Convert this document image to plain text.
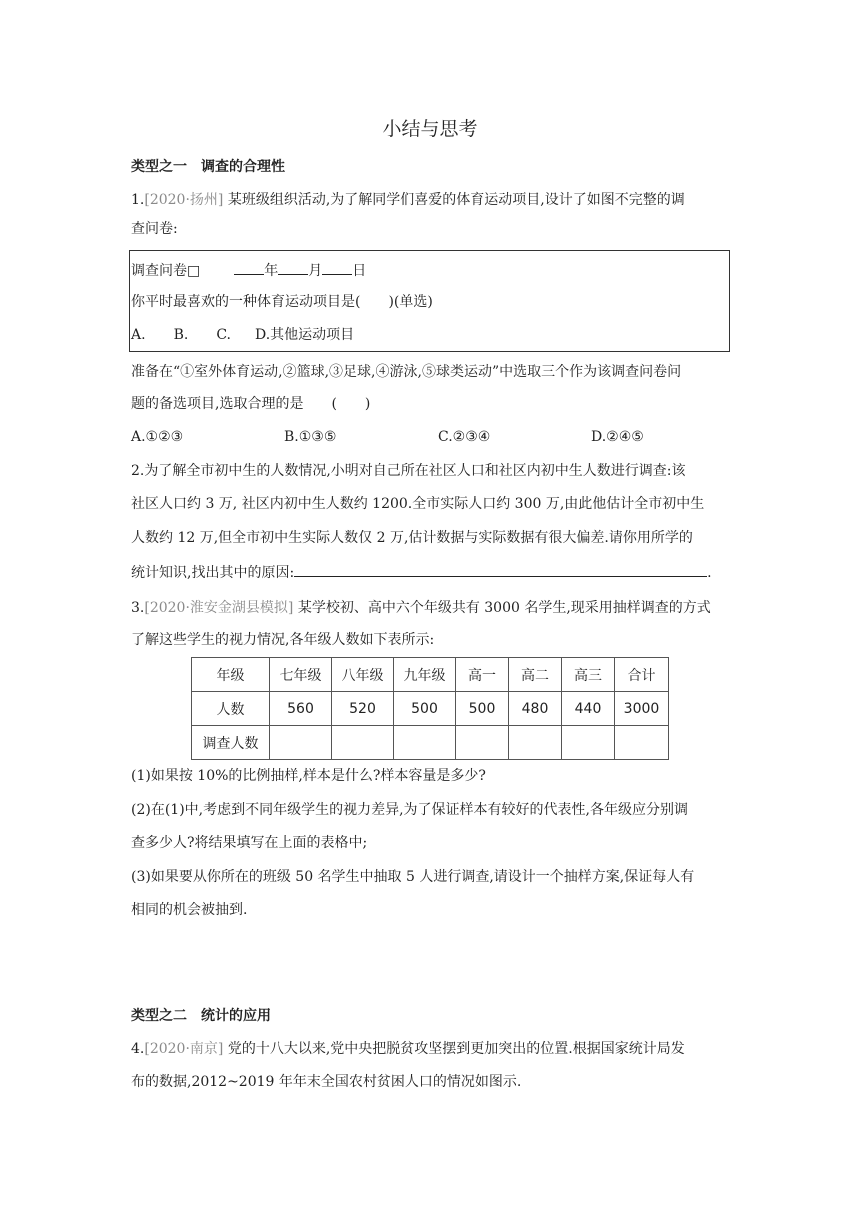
小结与思考
类型之一　调查的合理性
1.[2020·扬州] 某班级组织活动,为了解同学们喜爱的体育运动项目,设计了如图不完整的调
查问卷:
调查问卷□	年 月 日
你平时最喜欢的一种体育运动项目是(　　)(单选)
A. B. C. D.其他运动项目
准备在“①室外体育运动,②篮球,③足球,④游泳,⑤球类运动”中选取三个作为该调查问卷问
题的备选项目,选取合理的是　　(　　)
A.①②③	B.①③⑤	C.②③④	D.②④⑤
2.为了解全市初中生的人数情况,小明对自己所在社区人口和社区内初中生人数进行调查:该
社区人口约 3 万, 社区内初中生人数约 1200.全市实际人口约 300 万,由此他估计全市初中生
人数约 12 万,但全市初中生实际人数仅 2 万,估计数据与实际数据有很大偏差.请你用所学的
统计知识,找出其中的原因:	.
3.[2020·淮安金湖县模拟] 某学校初、高中六个年级共有 3000 名学生,现采用抽样调查的方式
了解这些学生的视力情况,各年级人数如下表所示:
年级	七年级	八年级	九年级	高一	高二	高三	合计
人数	560	520	500	500	480	440	3000
调查人数							
(1)如果按 10%的比例抽样,样本是什么?样本容量是多少?
(2)在(1)中,考虑到不同年级学生的视力差异,为了保证样本有较好的代表性,各年级应分别调
查多少人?将结果填写在上面的表格中;
(3)如果要从你所在的班级 50 名学生中抽取 5 人进行调查,请设计一个抽样方案,保证每人有
相同的机会被抽到.
类型之二　统计的应用
4.[2020·南京] 党的十八大以来,党中央把脱贫攻坚摆到更加突出的位置.根据国家统计局发
布的数据,2012~2019 年年末全国农村贫困人口的情况如图示.
